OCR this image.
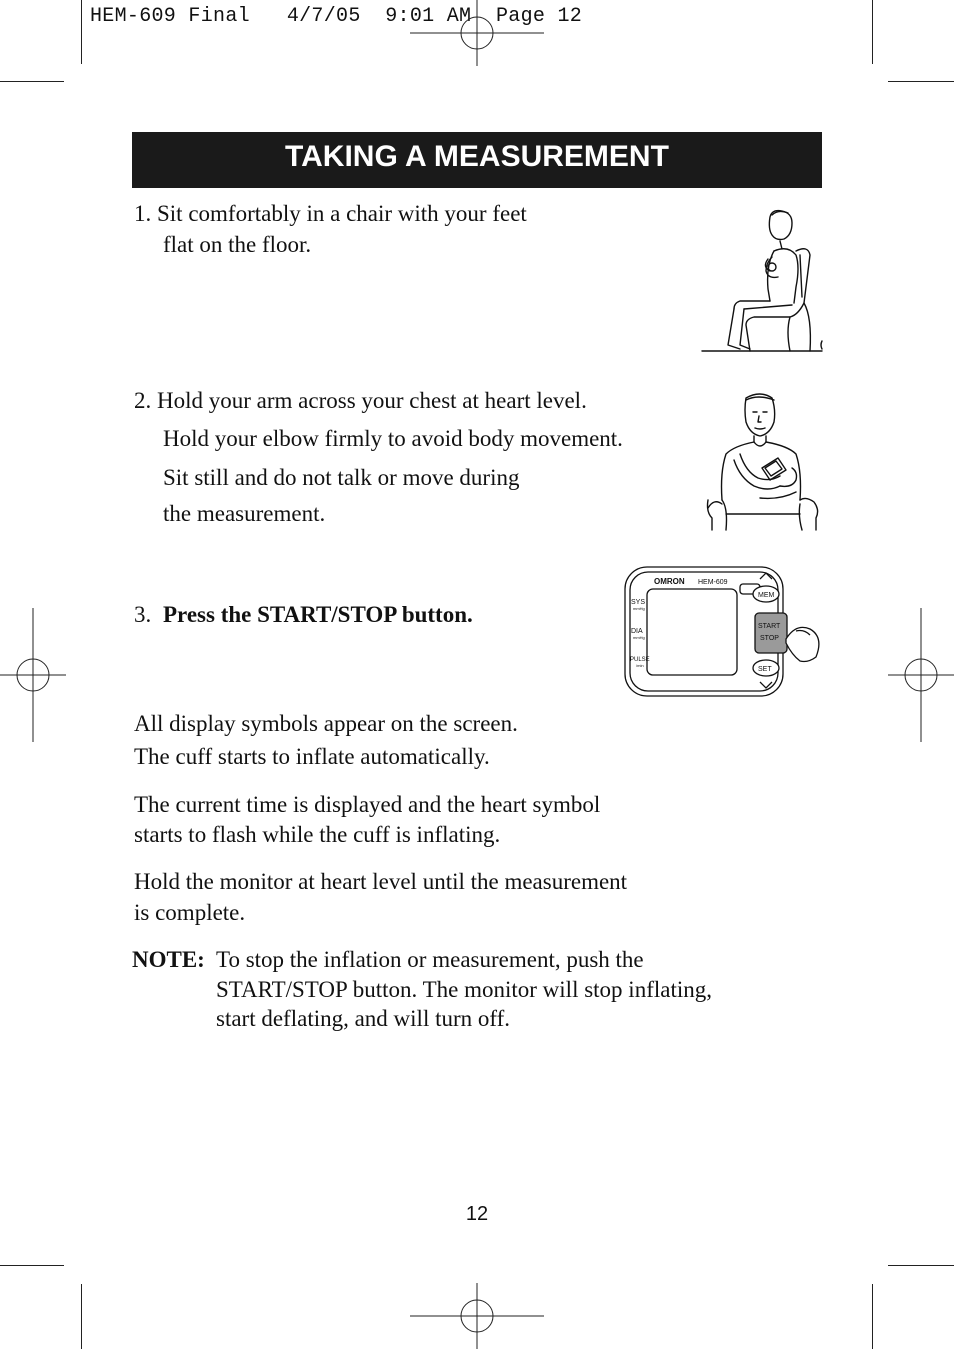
HEM-609 Final   4/7/05  9:01 AM  Page 12
TAKING A MEASUREMENT
1. Sit comfortably in a chair with your feet
flat on the floor.
2. Hold your arm across your chest at heart level.
Hold your elbow firmly to avoid body movement.
Sit still and do not talk or move during
the measurement.
3. Press the START/STOP button.
OMRON HEM-609
SYS
mmHg
DIA
mmHg
PULSE
/min
MEM
START
STOP
SET
All display symbols appear on the screen.
The cuff starts to inflate automatically.
The current time is displayed and the heart symbol
starts to flash while the cuff is inflating.
Hold the monitor at heart level until the measurement
is complete.
NOTE: To stop the inflation or measurement, push the
START/STOP button. The monitor will stop inflating,
start deflating, and will turn off.
12
